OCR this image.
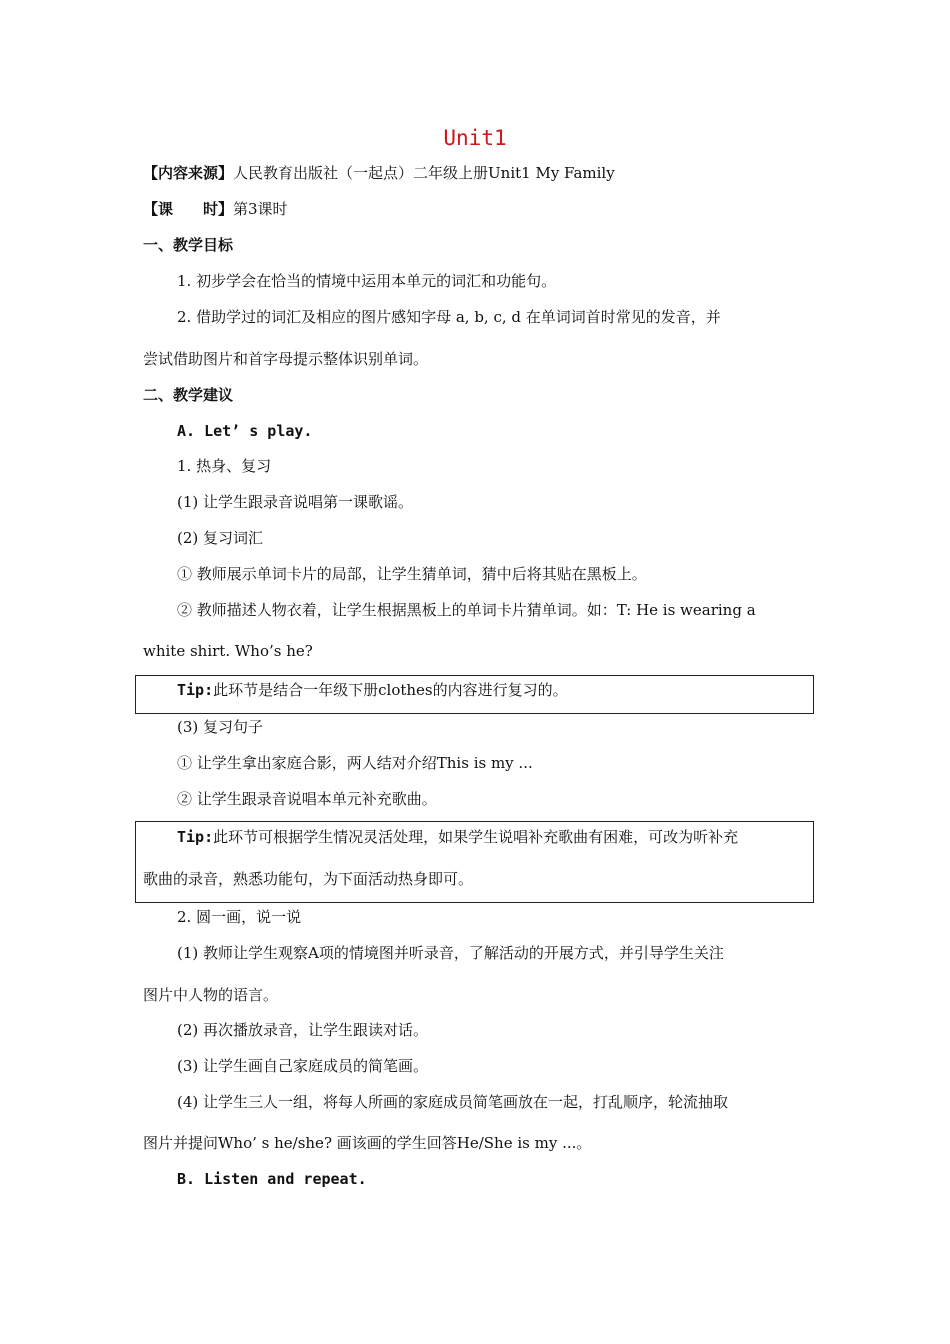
Unit1
【内容来源】人民教育出版社（一起点）二年级上册Unit1 My Family
【课　　时】第3课时
一、教学目标
1. 初步学会在恰当的情境中运用本单元的词汇和功能句。
2. 借助学过的词汇及相应的图片感知字母 a, b, c, d 在单词词首时常见的发音，并
尝试借助图片和首字母提示整体识别单词。
二、教学建议
A. Let’ s play.
1. 热身、复习
(1) 让学生跟录音说唱第一课歌谣。
(2) 复习词汇
① 教师展示单词卡片的局部，让学生猜单词，猜中后将其贴在黑板上。
② 教师描述人物衣着，让学生根据黑板上的单词卡片猜单词。如：T: He is wearing a
white shirt. Who’s he?
Tip:此环节是结合一年级下册clothes的内容进行复习的。
(3) 复习句子
① 让学生拿出家庭合影，两人结对介绍This is my ...
② 让学生跟录音说唱本单元补充歌曲。
Tip:此环节可根据学生情况灵活处理，如果学生说唱补充歌曲有困难，可改为听补充
歌曲的录音，熟悉功能句，为下面活动热身即可。
2. 圆一画，说一说
(1) 教师让学生观察A项的情境图并听录音，了解活动的开展方式，并引导学生关注
图片中人物的语言。
(2) 再次播放录音，让学生跟读对话。
(3) 让学生画自己家庭成员的简笔画。
(4) 让学生三人一组，将每人所画的家庭成员简笔画放在一起，打乱顺序，轮流抽取
图片并提问Who’ s he/she? 画该画的学生回答He/She is my ...。
B. Listen and repeat.
